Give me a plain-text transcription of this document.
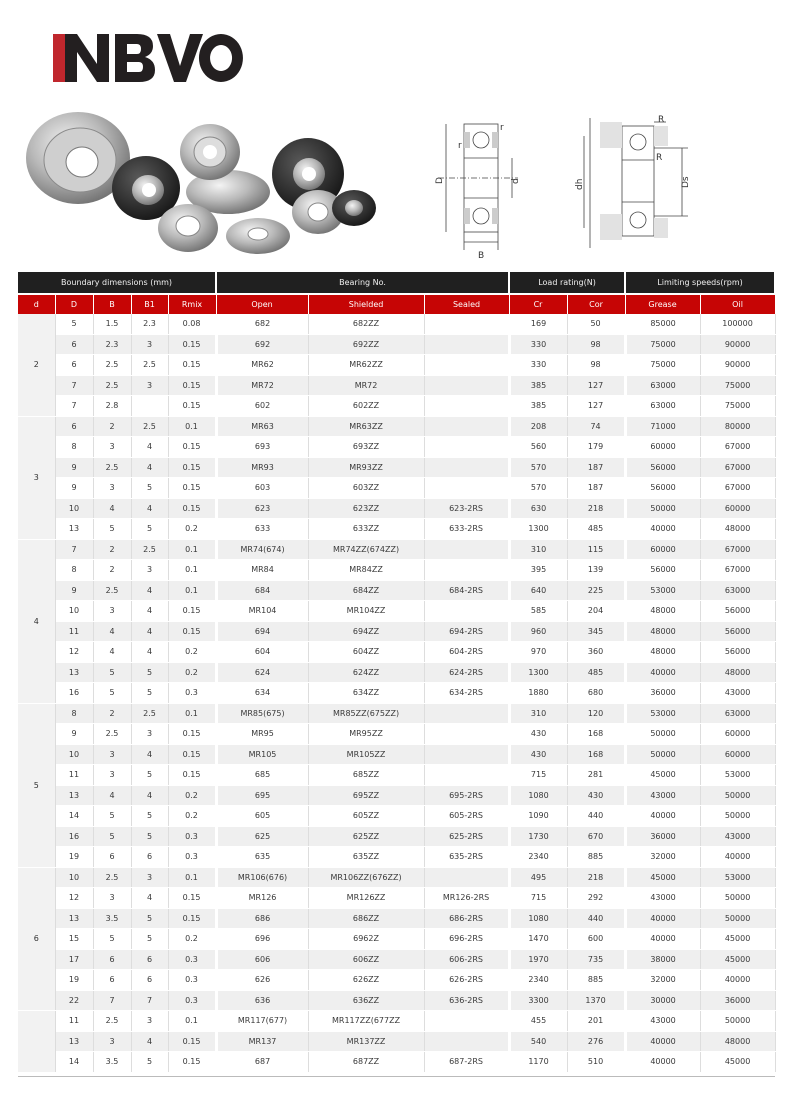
r
r
D	d
B
R
R
dh	Ds
Boundary dimensions (mm)					Bearing No.			Load rating(N)		Limiting speeds(rpm)	
d	D	B	B1	Rmix	Open	Shielded	Sealed	Cr	Cor	Grease	Oil
2	5	1.5	2.3	0.08	682	682ZZ		169	50	85000	100000
	6	2.3	3	0.15	692	692ZZ		330	98	75000	90000
	6	2.5	2.5	0.15	MR62	MR62ZZ		330	98	75000	90000
	7	2.5	3	0.15	MR72	MR72		385	127	63000	75000
	7	2.8		0.15	602	602ZZ		385	127	63000	75000
3	6	2	2.5	0.1	MR63	MR63ZZ		208	74	71000	80000
	8	3	4	0.15	693	693ZZ		560	179	60000	67000
	9	2.5	4	0.15	MR93	MR93ZZ		570	187	56000	67000
	9	3	5	0.15	603	603ZZ		570	187	56000	67000
	10	4	4	0.15	623	623ZZ	623-2RS	630	218	50000	60000
	13	5	5	0.2	633	633ZZ	633-2RS	1300	485	40000	48000
4	7	2	2.5	0.1	MR74(674)	MR74ZZ(674ZZ)		310	115	60000	67000
	8	2	3	0.1	MR84	MR84ZZ		395	139	56000	67000
	9	2.5	4	0.1	684	684ZZ	684-2RS	640	225	53000	63000
	10	3	4	0.15	MR104	MR104ZZ		585	204	48000	56000
	11	4	4	0.15	694	694ZZ	694-2RS	960	345	48000	56000
	12	4	4	0.2	604	604ZZ	604-2RS	970	360	48000	56000
	13	5	5	0.2	624	624ZZ	624-2RS	1300	485	40000	48000
	16	5	5	0.3	634	634ZZ	634-2RS	1880	680	36000	43000
5	8	2	2.5	0.1	MR85(675)	MR85ZZ(675ZZ)		310	120	53000	63000
	9	2.5	3	0.15	MR95	MR95ZZ		430	168	50000	60000
	10	3	4	0.15	MR105	MR105ZZ		430	168	50000	60000
	11	3	5	0.15	685	685ZZ		715	281	45000	53000
	13	4	4	0.2	695	695ZZ	695-2RS	1080	430	43000	50000
	14	5	5	0.2	605	605ZZ	605-2RS	1090	440	40000	50000
	16	5	5	0.3	625	625ZZ	625-2RS	1730	670	36000	43000
	19	6	6	0.3	635	635ZZ	635-2RS	2340	885	32000	40000
6	10	2.5	3	0.1	MR106(676)	MR106ZZ(676ZZ)		495	218	45000	53000
	12	3	4	0.15	MR126	MR126ZZ	MR126-2RS	715	292	43000	50000
	13	3.5	5	0.15	686	686ZZ	686-2RS	1080	440	40000	50000
	15	5	5	0.2	696	6962Z	696-2RS	1470	600	40000	45000
	17	6	6	0.3	606	606ZZ	606-2RS	1970	735	38000	45000
	19	6	6	0.3	626	626ZZ	626-2RS	2340	885	32000	40000
	22	7	7	0.3	636	636ZZ	636-2RS	3300	1370	30000	36000
	11	2.5	3	0.1	MR117(677)	MR117ZZ(677ZZ		455	201	43000	50000
	13	3	4	0.15	MR137	MR137ZZ		540	276	40000	48000
	14	3.5	5	0.15	687	687ZZ	687-2RS	1170	510	40000	45000
